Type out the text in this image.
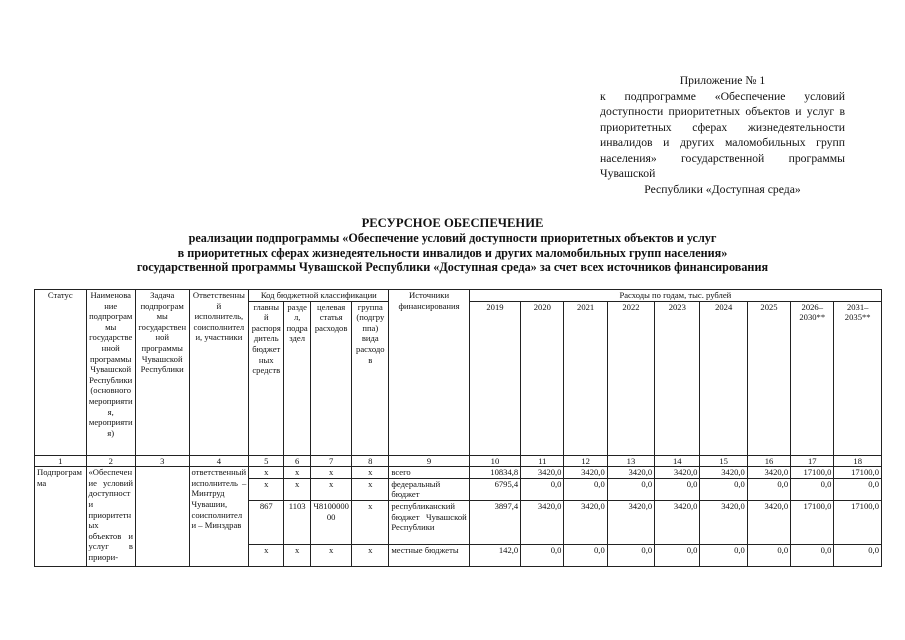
Приложение № 1
к подпрограмме «Обеспечение условий доступности приоритетных объектов и услуг в приоритетных сферах жизнедеятельности инвалидов и других маломобильных групп населения» государственной программы Чувашской
Республики «Доступная среда»
РЕСУРСНОЕ ОБЕСПЕЧЕНИЕ
реализации подпрограммы «Обеспечение условий доступности приоритетных объектов и услуг
в приоритетных сферах жизнедеятельности инвалидов и других маломобильных групп населения»
государственной программы Чувашской Республики «Доступная среда» за счет всех источников финансирования
Статус	Наименование подпрограммы государственной программы Чувашской Республики (основного мероприятия, мероприятия)	Задача подпрограммы государственной программы Чувашской Республики	Ответственный исполнитель, соисполнители, участники	Код бюджетной классификации				Источники финансирования	Расходы по годам, тыс. рублей								
				главный распорядитель бюджетных средств	раздел, подраздел	целевая статья расходов	группа (подгруппа) вида расходов		2019	2020	2021	2022	2023	2024	2025	2026–2030**	2031–2035**
1	2	3	4	5	6	7	8	9	10	11	12	13	14	15	16	17	18
Подпрограмма	«Обеспечение условий доступности приоритетных объектов и услуг в приори-		ответственный исполнитель – Минтруд Чувашии, соисполнители – Минздрав	x	x	x	x	всего	10834,8	3420,0	3420,0	3420,0	3420,0	3420,0	3420,0	17100,0	17100,0
				x	x	x	x	федеральный бюджет	6795,4	0,0	0,0	0,0	0,0	0,0	0,0	0,0	0,0
				867	1103	Ч810000000	x	республиканский бюджет Чувашской Республики	3897,4	3420,0	3420,0	3420,0	3420,0	3420,0	3420,0	17100,0	17100,0
				x	x	x	x	местные бюджеты	142,0	0,0	0,0	0,0	0,0	0,0	0,0	0,0	0,0
